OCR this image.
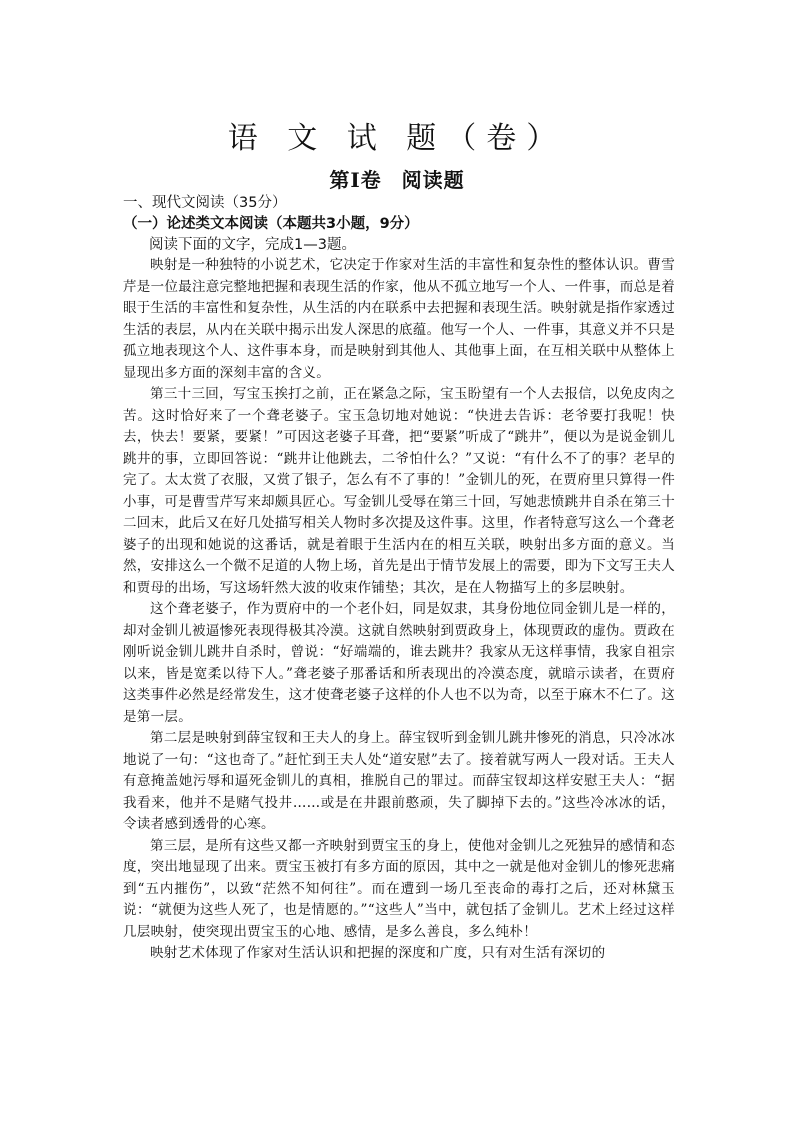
语 文 试 题（卷）
第Ⅰ卷 阅读题
一、现代文阅读（35分）
（一）论述类文本阅读（本题共3小题，9分）
阅读下面的文字，完成1—3题。

映射是一种独特的小说艺术，它决定于作家对生活的丰富性和复杂性的整体认识。曹雪芹是一位最注意完整地把握和表现生活的作家，他从不孤立地写一个人、一件事，而总是着眼于生活的丰富性和复杂性，从生活的内在联系中去把握和表现生活。映射就是指作家透过生活的表层，从内在关联中揭示出发人深思的底蕴。他写一个人、一件事，其意义并不只是孤立地表现这个人、这件事本身，而是映射到其他人、其他事上面，在互相关联中从整体上显现出多方面的深刻丰富的含义。

第三十三回，写宝玉挨打之前，正在紧急之际，宝玉盼望有一个人去报信，以免皮肉之苦。这时恰好来了一个聋老婆子。宝玉急切地对她说：“快进去告诉：老爷要打我呢！快去，快去！要紧，要紧！”可因这老婆子耳聋，把“要紧”听成了“跳井”，便以为是说金钏儿跳井的事，立即回答说：“跳井让他跳去，二爷怕什么？”又说：“有什么不了的事？老早的完了。太太赏了衣服，又赏了银子，怎么有不了事的！”金钏儿的死，在贾府里只算得一件小事，可是曹雪芹写来却颇具匠心。写金钏儿受辱在第三十回，写她悲愤跳井自杀在第三十二回末，此后又在好几处描写相关人物时多次提及这件事。这里，作者特意写这么一个聋老婆子的出现和她说的这番话，就是着眼于生活内在的相互关联，映射出多方面的意义。当然，安排这么一个微不足道的人物上场，首先是出于情节发展上的需要，即为下文写王夫人和贾母的出场，写这场轩然大波的收束作铺垫；其次，是在人物描写上的多层映射。

这个聋老婆子，作为贾府中的一个老仆妇，同是奴隶，其身份地位同金钏儿是一样的，却对金钏儿被逼惨死表现得极其冷漠。这就自然映射到贾政身上，体现贾政的虚伪。贾政在刚听说金钏儿跳井自杀时，曾说：“好端端的，谁去跳井？我家从无这样事情，我家自祖宗以来，皆是宽柔以待下人。”聋老婆子那番话和所表现出的冷漠态度，就暗示读者，在贾府这类事件必然是经常发生，这才使聋老婆子这样的仆人也不以为奇，以至于麻木不仁了。这是第一层。

第二层是映射到薛宝钗和王夫人的身上。薛宝钗听到金钏儿跳井惨死的消息，只冷冰冰地说了一句：“这也奇了。”赶忙到王夫人处“道安慰”去了。接着就写两人一段对话。王夫人有意掩盖她污辱和逼死金钏儿的真相，推脱自己的罪过。而薛宝钗却这样安慰王夫人：“据我看来，他并不是赌气投井……或是在井跟前憨顽，失了脚掉下去的。”这些冷冰冰的话，令读者感到透骨的心寒。

第三层，是所有这些又都一齐映射到贾宝玉的身上，使他对金钏儿之死独异的感情和态度，突出地显现了出来。贾宝玉被打有多方面的原因，其中之一就是他对金钏儿的惨死悲痛到“五内摧伤”，以致“茫然不知何往”。而在遭到一场几至丧命的毒打之后，还对林黛玉说：“就便为这些人死了，也是情愿的。”“这些人”当中，就包括了金钏儿。艺术上经过这样几层映射，使突现出贾宝玉的心地、感情，是多么善良，多么纯朴！

映射艺术体现了作家对生活认识和把握的深度和广度，只有对生活有深切的
